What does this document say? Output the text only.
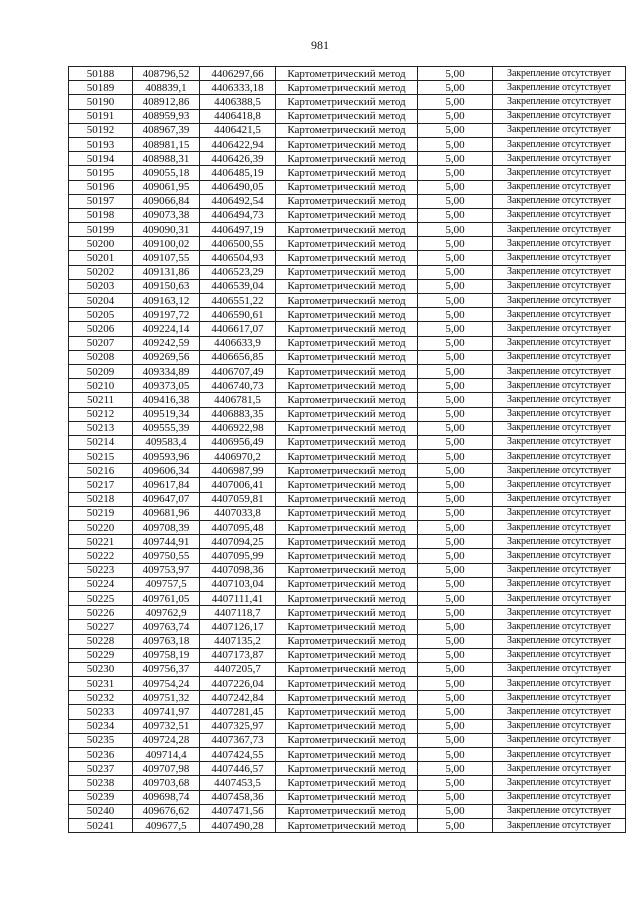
981
50188	408796,52	4406297,66	Картометрический метод	5,00	Закрепление отсутствует
50189	408839,1	4406333,18	Картометрический метод	5,00	Закрепление отсутствует
50190	408912,86	4406388,5	Картометрический метод	5,00	Закрепление отсутствует
50191	408959,93	4406418,8	Картометрический метод	5,00	Закрепление отсутствует
50192	408967,39	4406421,5	Картометрический метод	5,00	Закрепление отсутствует
50193	408981,15	4406422,94	Картометрический метод	5,00	Закрепление отсутствует
50194	408988,31	4406426,39	Картометрический метод	5,00	Закрепление отсутствует
50195	409055,18	4406485,19	Картометрический метод	5,00	Закрепление отсутствует
50196	409061,95	4406490,05	Картометрический метод	5,00	Закрепление отсутствует
50197	409066,84	4406492,54	Картометрический метод	5,00	Закрепление отсутствует
50198	409073,38	4406494,73	Картометрический метод	5,00	Закрепление отсутствует
50199	409090,31	4406497,19	Картометрический метод	5,00	Закрепление отсутствует
50200	409100,02	4406500,55	Картометрический метод	5,00	Закрепление отсутствует
50201	409107,55	4406504,93	Картометрический метод	5,00	Закрепление отсутствует
50202	409131,86	4406523,29	Картометрический метод	5,00	Закрепление отсутствует
50203	409150,63	4406539,04	Картометрический метод	5,00	Закрепление отсутствует
50204	409163,12	4406551,22	Картометрический метод	5,00	Закрепление отсутствует
50205	409197,72	4406590,61	Картометрический метод	5,00	Закрепление отсутствует
50206	409224,14	4406617,07	Картометрический метод	5,00	Закрепление отсутствует
50207	409242,59	4406633,9	Картометрический метод	5,00	Закрепление отсутствует
50208	409269,56	4406656,85	Картометрический метод	5,00	Закрепление отсутствует
50209	409334,89	4406707,49	Картометрический метод	5,00	Закрепление отсутствует
50210	409373,05	4406740,73	Картометрический метод	5,00	Закрепление отсутствует
50211	409416,38	4406781,5	Картометрический метод	5,00	Закрепление отсутствует
50212	409519,34	4406883,35	Картометрический метод	5,00	Закрепление отсутствует
50213	409555,39	4406922,98	Картометрический метод	5,00	Закрепление отсутствует
50214	409583,4	4406956,49	Картометрический метод	5,00	Закрепление отсутствует
50215	409593,96	4406970,2	Картометрический метод	5,00	Закрепление отсутствует
50216	409606,34	4406987,99	Картометрический метод	5,00	Закрепление отсутствует
50217	409617,84	4407006,41	Картометрический метод	5,00	Закрепление отсутствует
50218	409647,07	4407059,81	Картометрический метод	5,00	Закрепление отсутствует
50219	409681,96	4407033,8	Картометрический метод	5,00	Закрепление отсутствует
50220	409708,39	4407095,48	Картометрический метод	5,00	Закрепление отсутствует
50221	409744,91	4407094,25	Картометрический метод	5,00	Закрепление отсутствует
50222	409750,55	4407095,99	Картометрический метод	5,00	Закрепление отсутствует
50223	409753,97	4407098,36	Картометрический метод	5,00	Закрепление отсутствует
50224	409757,5	4407103,04	Картометрический метод	5,00	Закрепление отсутствует
50225	409761,05	4407111,41	Картометрический метод	5,00	Закрепление отсутствует
50226	409762,9	4407118,7	Картометрический метод	5,00	Закрепление отсутствует
50227	409763,74	4407126,17	Картометрический метод	5,00	Закрепление отсутствует
50228	409763,18	4407135,2	Картометрический метод	5,00	Закрепление отсутствует
50229	409758,19	4407173,87	Картометрический метод	5,00	Закрепление отсутствует
50230	409756,37	4407205,7	Картометрический метод	5,00	Закрепление отсутствует
50231	409754,24	4407226,04	Картометрический метод	5,00	Закрепление отсутствует
50232	409751,32	4407242,84	Картометрический метод	5,00	Закрепление отсутствует
50233	409741,97	4407281,45	Картометрический метод	5,00	Закрепление отсутствует
50234	409732,51	4407325,97	Картометрический метод	5,00	Закрепление отсутствует
50235	409724,28	4407367,73	Картометрический метод	5,00	Закрепление отсутствует
50236	409714,4	4407424,55	Картометрический метод	5,00	Закрепление отсутствует
50237	409707,98	4407446,57	Картометрический метод	5,00	Закрепление отсутствует
50238	409703,68	4407453,5	Картометрический метод	5,00	Закрепление отсутствует
50239	409698,74	4407458,36	Картометрический метод	5,00	Закрепление отсутствует
50240	409676,62	4407471,56	Картометрический метод	5,00	Закрепление отсутствует
50241	409677,5	4407490,28	Картометрический метод	5,00	Закрепление отсутствует
